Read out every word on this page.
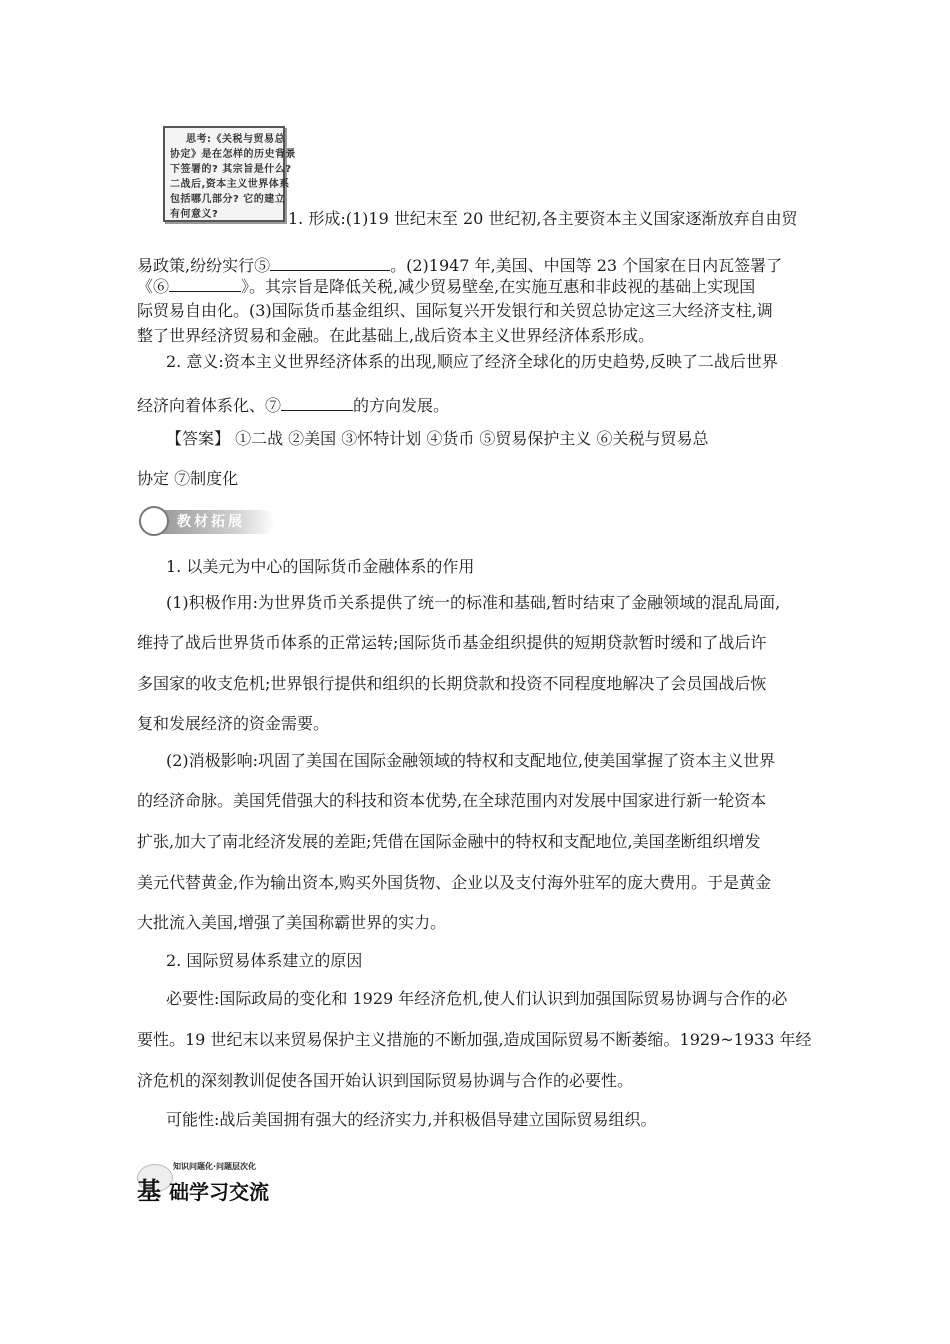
思考:《关税与贸易总
协定》是在怎样的历史背景
下签署的? 其宗旨是什么?
二战后,资本主义世界体系
包括哪几部分? 它的建立
有何意义?	1. 形成:(1)19 世纪末至 20 世纪初,各主要资本主义国家逐渐放弃自由贸
易政策,纷纷实行⑤	。(2)1947 年,美国、中国等 23 个国家在日内瓦签署了
《⑥	》。其宗旨是降低关税,减少贸易壁垒,在实施互惠和非歧视的基础上实现国
际贸易自由化。(3)国际货币基金组织、国际复兴开发银行和关贸总协定这三大经济支柱,调
整了世界经济贸易和金融。在此基础上,战后资本主义世界经济体系形成。
2. 意义:资本主义世界经济体系的出现,顺应了经济全球化的历史趋势,反映了二战后世界
经济向着体系化、⑦	的方向发展。
【答案】 ①二战 ②美国 ③怀特计划 ④货币 ⑤贸易保护主义 ⑥关税与贸易总
协定 ⑦制度化
教材拓展
1. 以美元为中心的国际货币金融体系的作用
(1)积极作用:为世界货币关系提供了统一的标准和基础,暂时结束了金融领域的混乱局面,
维持了战后世界货币体系的正常运转;国际货币基金组织提供的短期贷款暂时缓和了战后许
多国家的收支危机;世界银行提供和组织的长期贷款和投资不同程度地解决了会员国战后恢
复和发展经济的资金需要。
(2)消极影响:巩固了美国在国际金融领域的特权和支配地位,使美国掌握了资本主义世界
的经济命脉。美国凭借强大的科技和资本优势,在全球范围内对发展中国家进行新一轮资本
扩张,加大了南北经济发展的差距;凭借在国际金融中的特权和支配地位,美国垄断组织增发
美元代替黄金,作为输出资本,购买外国货物、企业以及支付海外驻军的庞大费用。于是黄金
大批流入美国,增强了美国称霸世界的实力。
2. 国际贸易体系建立的原因
必要性:国际政局的变化和 1929 年经济危机,使人们认识到加强国际贸易协调与合作的必
要性。19 世纪末以来贸易保护主义措施的不断加强,造成国际贸易不断萎缩。1929~1933 年经
济危机的深刻教训促使各国开始认识到国际贸易协调与合作的必要性。
可能性:战后美国拥有强大的经济实力,并积极倡导建立国际贸易组织。
知识问题化·问题层次化
基 础学习交流
